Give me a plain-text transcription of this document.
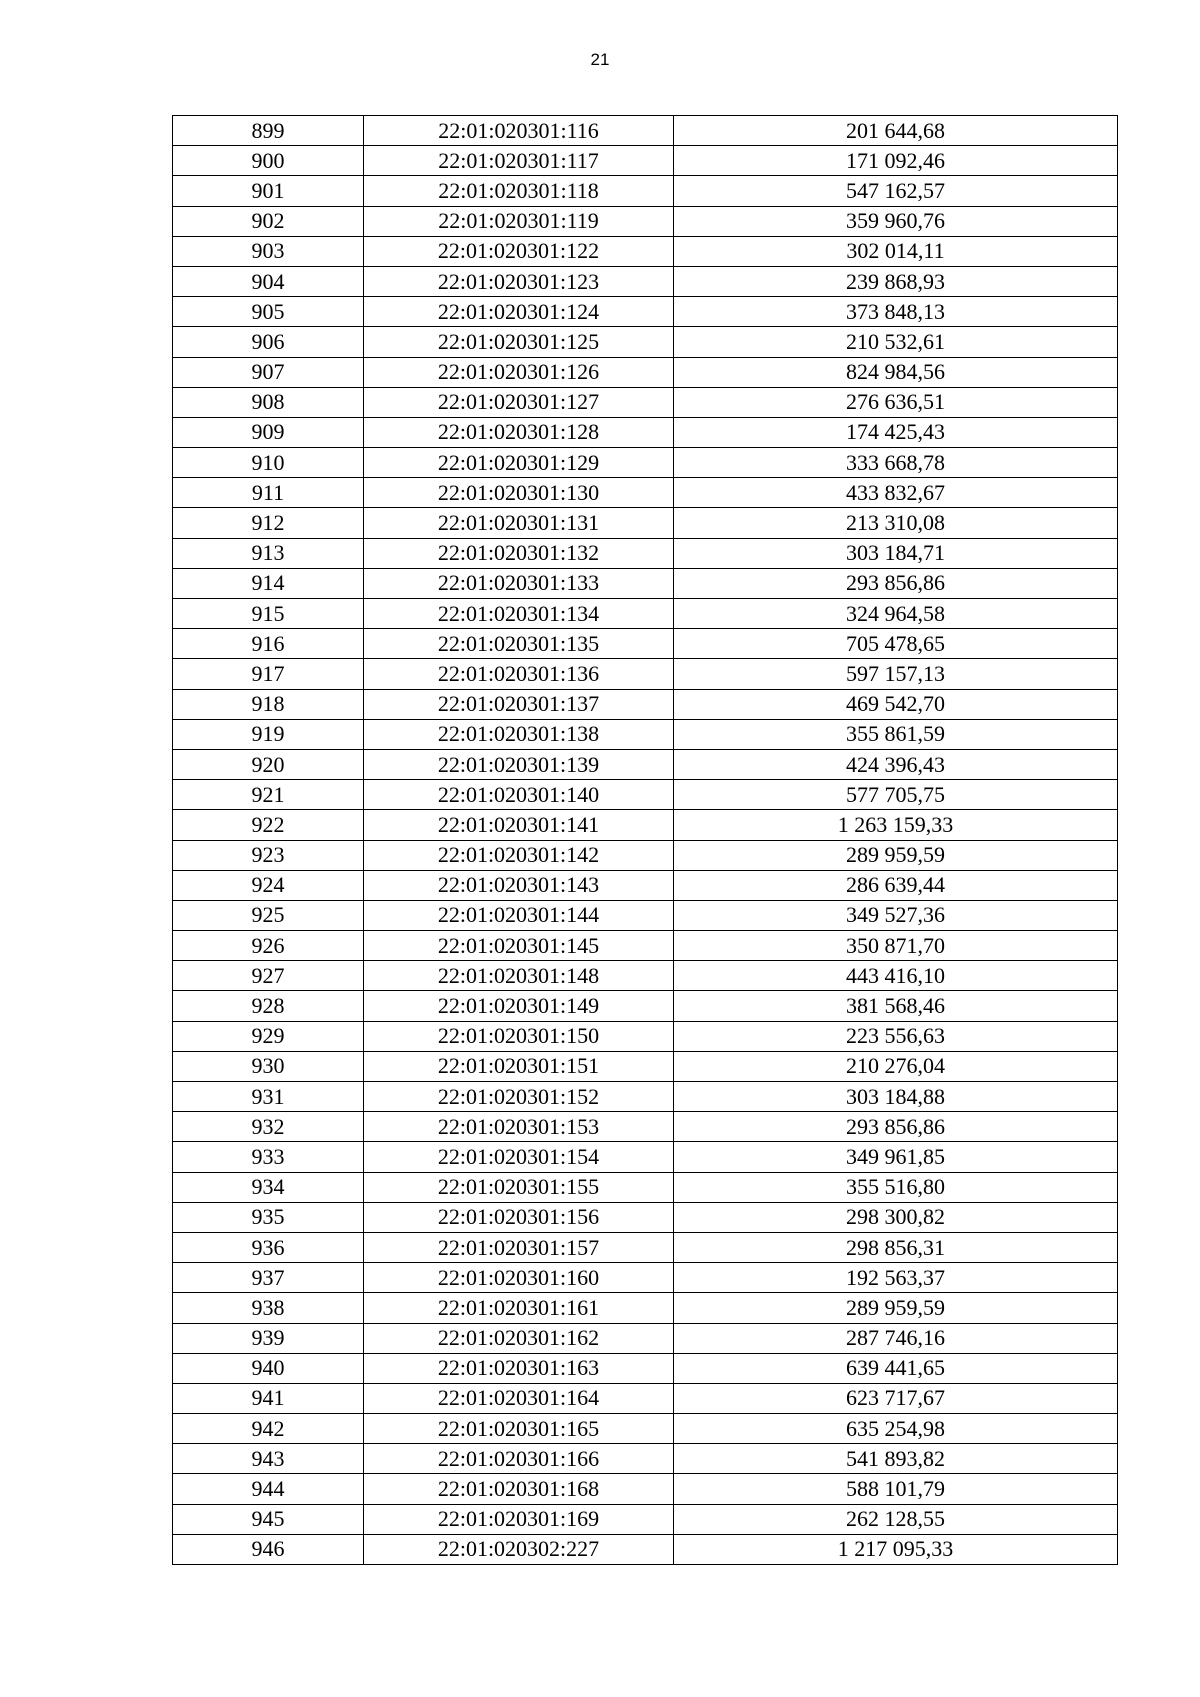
21
899	22:01:020301:116	201 644,68
900	22:01:020301:117	171 092,46
901	22:01:020301:118	547 162,57
902	22:01:020301:119	359 960,76
903	22:01:020301:122	302 014,11
904	22:01:020301:123	239 868,93
905	22:01:020301:124	373 848,13
906	22:01:020301:125	210 532,61
907	22:01:020301:126	824 984,56
908	22:01:020301:127	276 636,51
909	22:01:020301:128	174 425,43
910	22:01:020301:129	333 668,78
911	22:01:020301:130	433 832,67
912	22:01:020301:131	213 310,08
913	22:01:020301:132	303 184,71
914	22:01:020301:133	293 856,86
915	22:01:020301:134	324 964,58
916	22:01:020301:135	705 478,65
917	22:01:020301:136	597 157,13
918	22:01:020301:137	469 542,70
919	22:01:020301:138	355 861,59
920	22:01:020301:139	424 396,43
921	22:01:020301:140	577 705,75
922	22:01:020301:141	1 263 159,33
923	22:01:020301:142	289 959,59
924	22:01:020301:143	286 639,44
925	22:01:020301:144	349 527,36
926	22:01:020301:145	350 871,70
927	22:01:020301:148	443 416,10
928	22:01:020301:149	381 568,46
929	22:01:020301:150	223 556,63
930	22:01:020301:151	210 276,04
931	22:01:020301:152	303 184,88
932	22:01:020301:153	293 856,86
933	22:01:020301:154	349 961,85
934	22:01:020301:155	355 516,80
935	22:01:020301:156	298 300,82
936	22:01:020301:157	298 856,31
937	22:01:020301:160	192 563,37
938	22:01:020301:161	289 959,59
939	22:01:020301:162	287 746,16
940	22:01:020301:163	639 441,65
941	22:01:020301:164	623 717,67
942	22:01:020301:165	635 254,98
943	22:01:020301:166	541 893,82
944	22:01:020301:168	588 101,79
945	22:01:020301:169	262 128,55
946	22:01:020302:227	1 217 095,33
